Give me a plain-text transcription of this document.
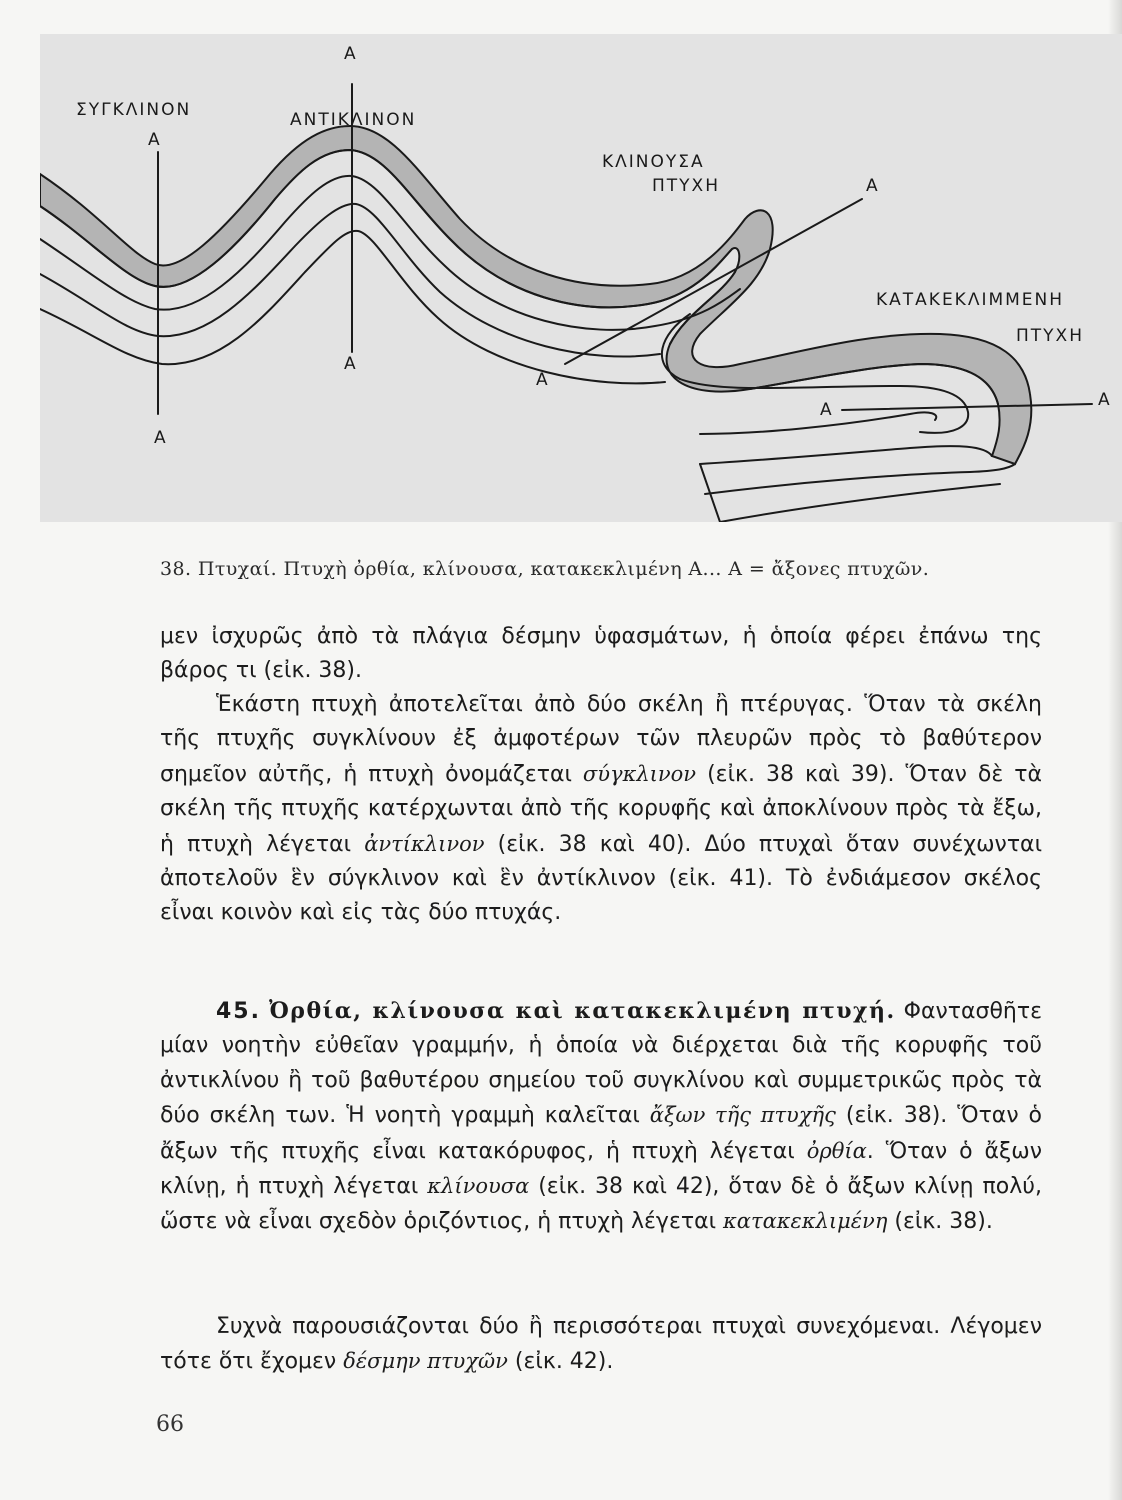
ΣΥΓΚΛΙΝΟΝ
Α
Α
Α
ΑΝΤΙΚΛΙΝΟΝ
Α
ΚΛΙΝΟΥΣΑ
ΠΤΥΧΗ	Α
Α
ΚΑΤΑΚΕΚΛΙΜΜΕΝΗ
ΠΤΥΧΗ
Α	Α
38. Πτυχαί. Πτυχὴ ὀρθία, κλίνουσα, κατακεκλιμένη Α... Α = ἄξονες πτυχῶν.

μεν ἰσχυρῶς ἀπὸ τὰ πλάγια δέσμην ὑφασμάτων, ἡ ὁποία φέρει ἐπάνω της βάρος τι (εἰκ. 38).

Ἑκάστη πτυχὴ ἀποτελεῖται ἀπὸ δύο σκέλη ἢ πτέρυγας. Ὅταν τὰ σκέλη τῆς πτυχῆς συγκλίνουν ἐξ ἀμφοτέρων τῶν πλευρῶν πρὸς τὸ βαθύτερον σημεῖον αὐτῆς, ἡ πτυχὴ ὀνομάζεται σύγκλινον (εἰκ. 38 καὶ 39). Ὅταν δὲ τὰ σκέλη τῆς πτυχῆς κατέρχωνται ἀπὸ τῆς κορυφῆς καὶ ἀποκλίνουν πρὸς τὰ ἔξω, ἡ πτυχὴ λέγεται ἀντίκλινον (εἰκ. 38 καὶ 40). Δύο πτυχαὶ ὅταν συνέχωνται ἀποτελοῦν ἓν σύγκλινον καὶ ἓν ἀντίκλινον (εἰκ. 41). Τὸ ἐνδιάμεσον σκέλος εἶναι κοινὸν καὶ εἰς τὰς δύο πτυχάς.

45. Ὀρθία, κλίνουσα καὶ κατακεκλιμένη πτυχή. Φαντασθῆτε μίαν νοητὴν εὐθεῖαν γραμμήν, ἡ ὁποία νὰ διέρχεται διὰ τῆς κορυφῆς τοῦ ἀντικλίνου ἢ τοῦ βαθυτέρου σημείου τοῦ συγκλίνου καὶ συμμετρικῶς πρὸς τὰ δύο σκέλη των. Ἡ νοητὴ γραμμὴ καλεῖται ἄξων τῆς πτυχῆς (εἰκ. 38). Ὅταν ὁ ἄξων τῆς πτυχῆς εἶναι κατακόρυφος, ἡ πτυχὴ λέγεται ὀρθία. Ὅταν ὁ ἄξων κλίνῃ, ἡ πτυχὴ λέγεται κλίνουσα (εἰκ. 38 καὶ 42), ὅταν δὲ ὁ ἄξων κλίνῃ πολύ, ὥστε νὰ εἶναι σχεδὸν ὁριζόντιος, ἡ πτυχὴ λέγεται κατακεκλιμένη (εἰκ. 38).

Συχνὰ παρουσιάζονται δύο ἢ περισσότεραι πτυχαὶ συνεχόμεναι. Λέγομεν τότε ὅτι ἔχομεν δέσμην πτυχῶν (εἰκ. 42).

66
